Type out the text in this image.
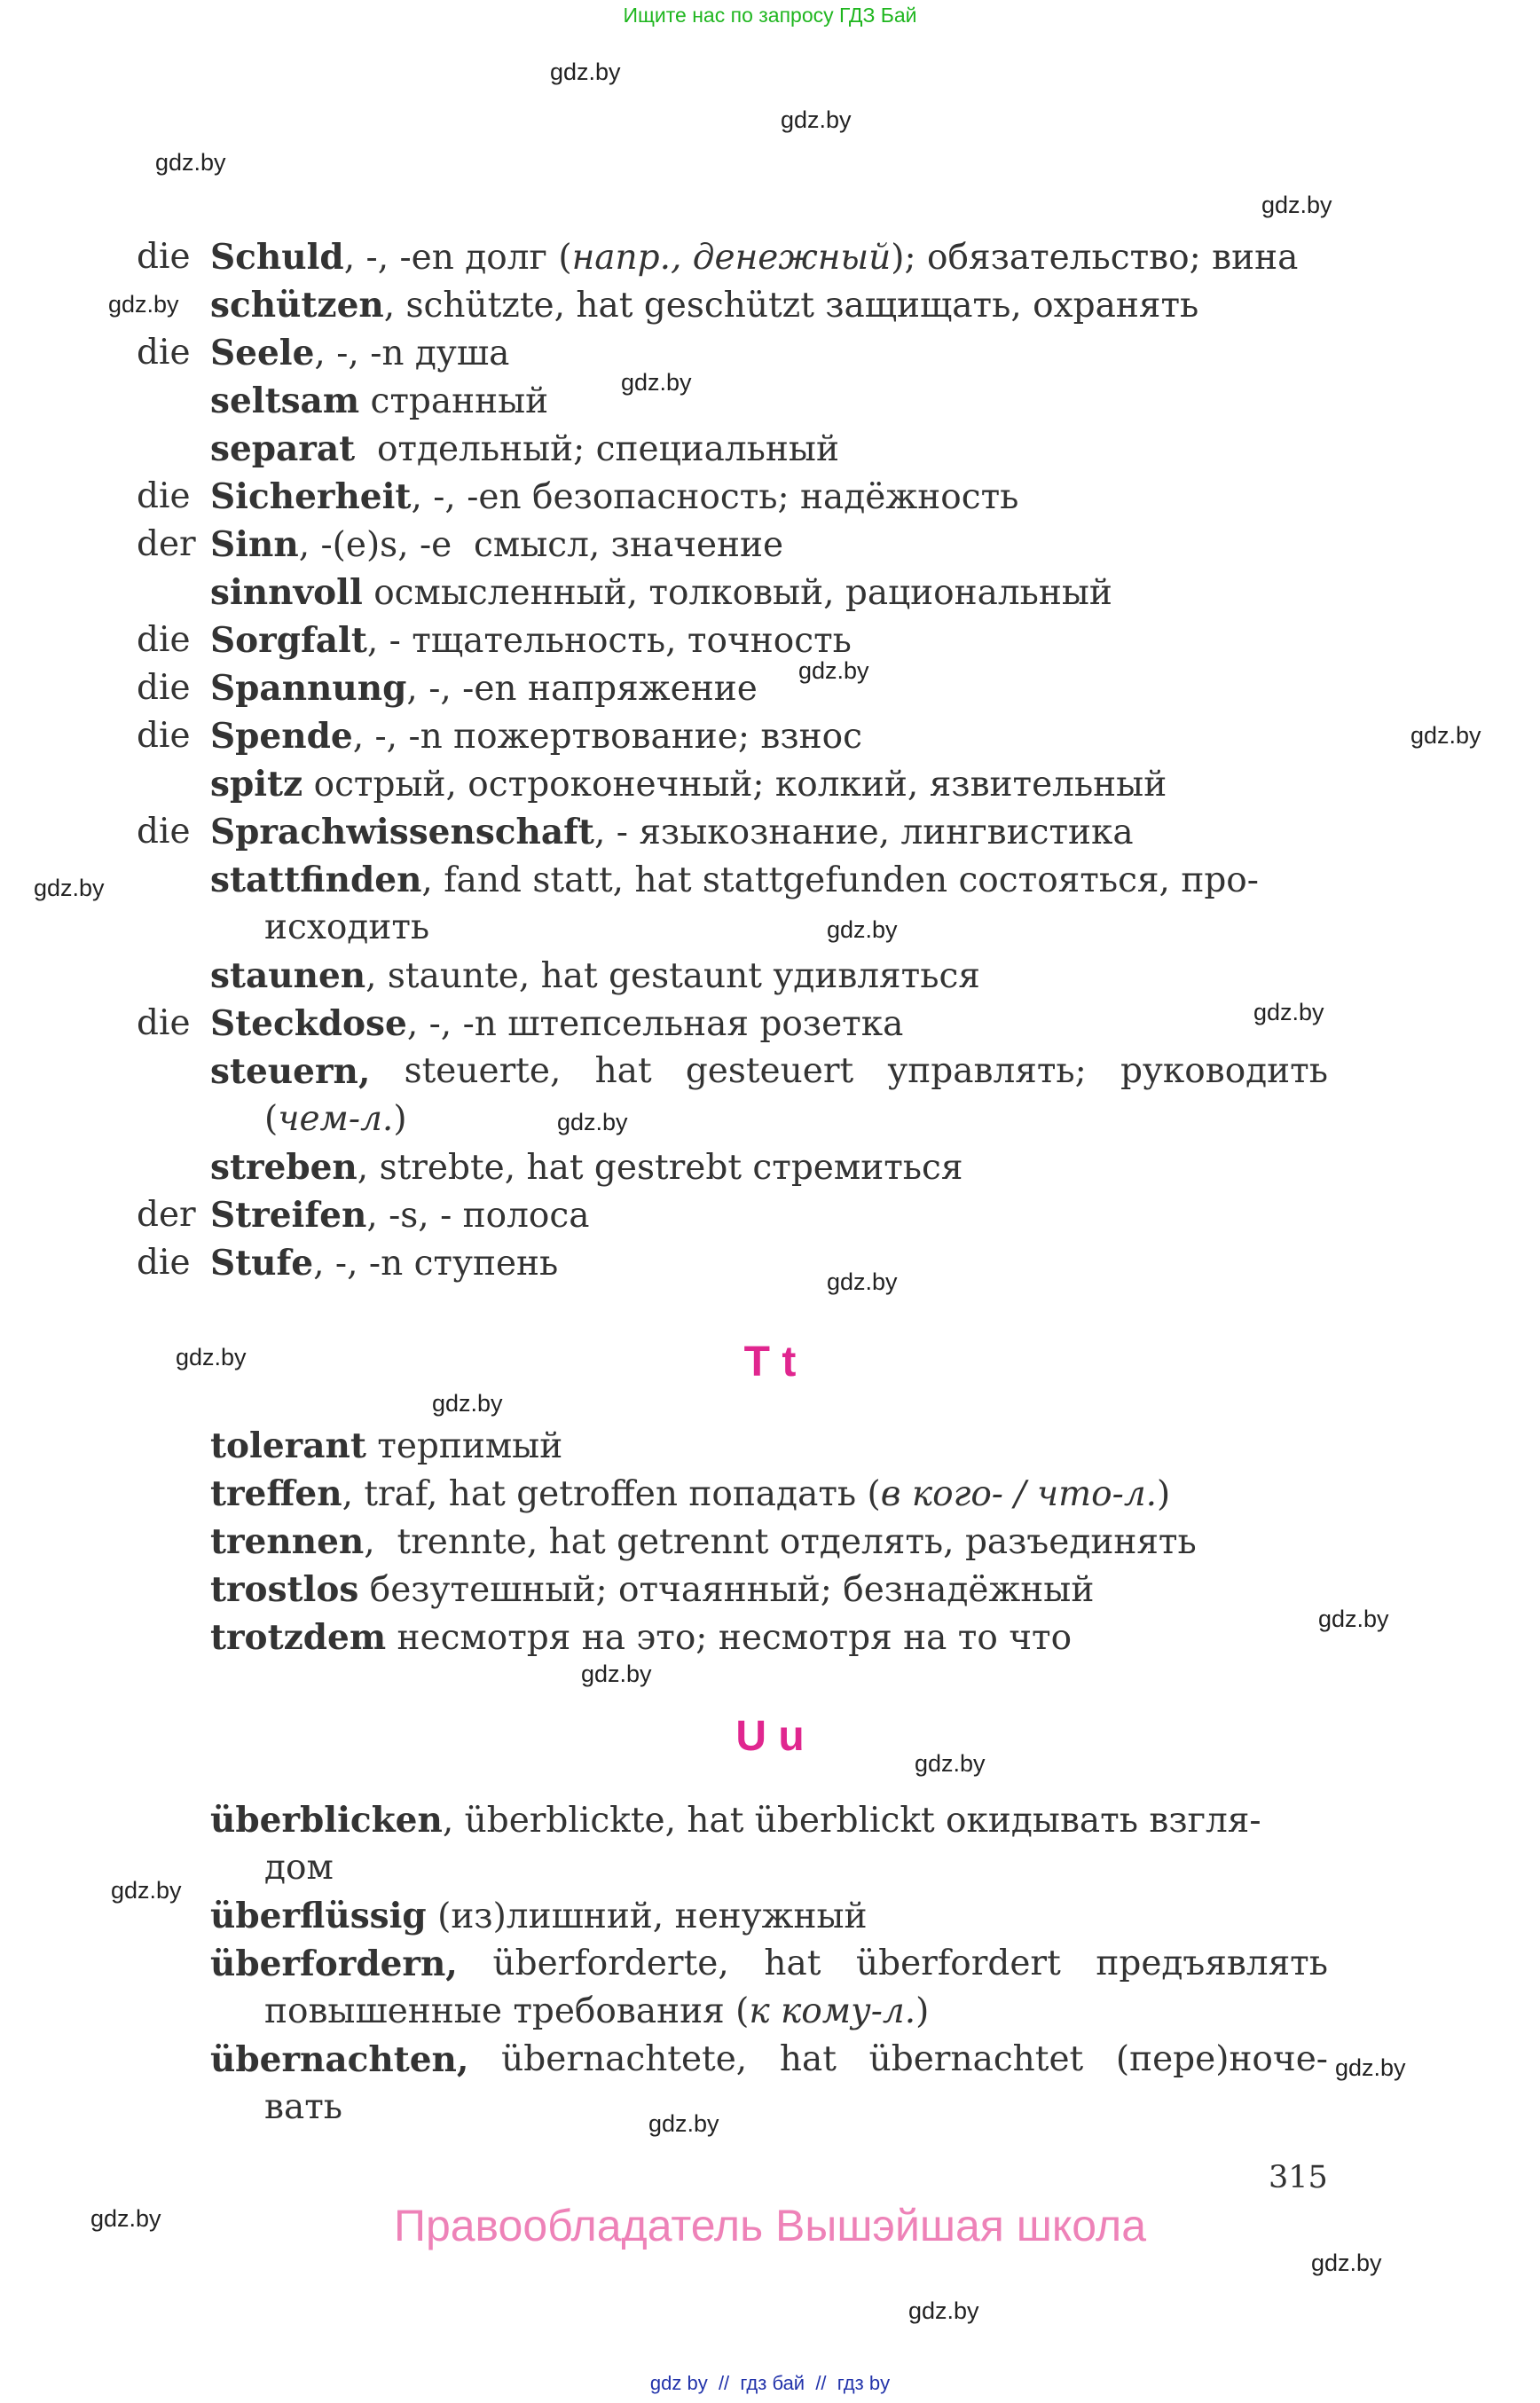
Ищите нас по запросу ГДЗ Бай
gdz.by
gdz.by
gdz.by
gdz.by
gdz.by
gdz.by
gdz.by
gdz.by
gdz.by
gdz.by
gdz.by
gdz.by
gdz.by
gdz.by
gdz.by
gdz.by
gdz.by
gdz.by
gdz.by
gdz.by
gdz.by
gdz.by
gdz.by
gdz.by
die Schuld, -, -en долг (напр., денежный); обязательство; вина
schützen, schützte, hat geschützt защищать, охранять
die Seele, -, -n душа
seltsam странный
separat  отдельный; специальный
die Sicherheit, -, -en безопасность; надёжность
der Sinn, -(e)s, -e  смысл, значение
sinnvoll осмысленный, толковый, рациональный
die Sorgfalt, - тщательность, точность
die Spannung, -, -en напряжение
die Spende, -, -n пожертвование; взнос
spitz острый, остроконечный; колкий, язвительный
die Sprachwissenschaft, - языкознание, лингвистика
stattfinden, fand statt, hat stattgefunden состояться, про-
исходить
staunen, staunte, hat gestaunt удивляться
die Steckdose, -, -n штепсельная розетка
steuern, steuerte, hat gesteuert управлять; руководить
(чем-л.)
streben, strebte, hat gestrebt стремиться
der Streifen, -s, - полоса
die Stufe, -, -n ступень
T t
tolerant терпимый
treffen, traf, hat getroffen попадать (в кого- / что-л.)
trennen,  trennte, hat getrennt отделять, разъединять
trostlos безутешный; отчаянный; безнадёжный
trotzdem несмотря на это; несмотря на то что
U u
überblicken, überblickte, hat überblickt окидывать взгля-
дом
überflüssig (из)лишний, ненужный
überfordern, überforderte, hat überfordert предъявлять
повышенные требования (к кому-л.)
übernachten, übernachtete, hat übernachtet (пере)ноче-
вать
315
Правообладатель Вышэйшая школа
gdz by  //  гдз бай  //  гдз by
